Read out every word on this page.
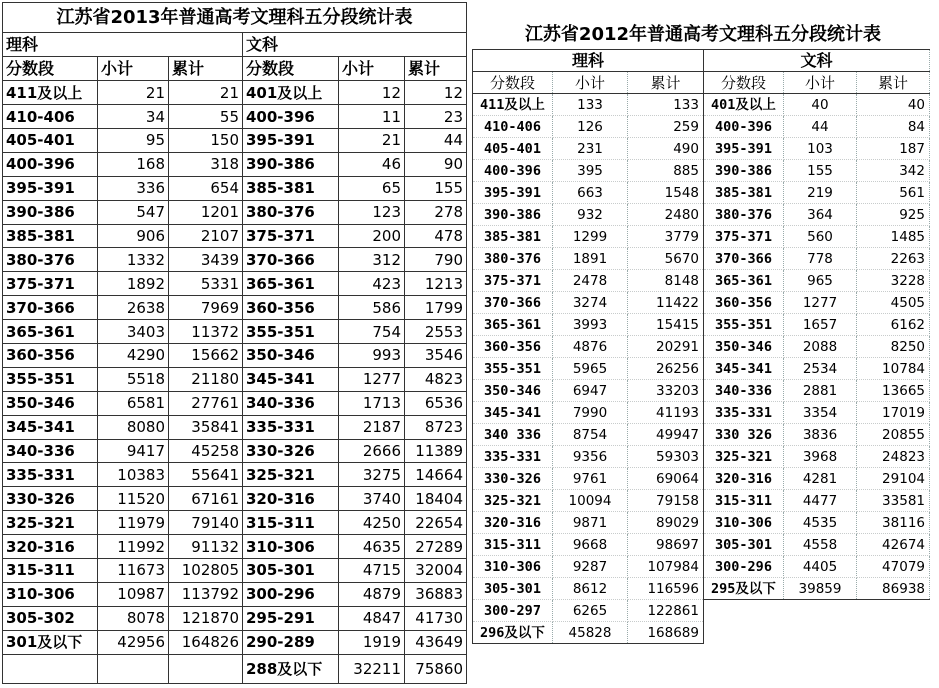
江苏省2013年普通高考文理科五分段统计表					
理科			文科		
分数段	小计	累计	分数段	小计	累计
411及以上	21	21	401及以上	12	12
410-406	34	55	400-396	11	23
405-401	95	150	395-391	21	44
400-396	168	318	390-386	46	90
395-391	336	654	385-381	65	155
390-386	547	1201	380-376	123	278
385-381	906	2107	375-371	200	478
380-376	1332	3439	370-366	312	790
375-371	1892	5331	365-361	423	1213
370-366	2638	7969	360-356	586	1799
365-361	3403	11372	355-351	754	2553
360-356	4290	15662	350-346	993	3546
355-351	5518	21180	345-341	1277	4823
350-346	6581	27761	340-336	1713	6536
345-341	8080	35841	335-331	2187	8723
340-336	9417	45258	330-326	2666	11389
335-331	10383	55641	325-321	3275	14664
330-326	11520	67161	320-316	3740	18404
325-321	11979	79140	315-311	4250	22654
320-316	11992	91132	310-306	4635	27289
315-311	11673	102805	305-301	4715	32004
310-306	10987	113792	300-296	4879	36883
305-302	8078	121870	295-291	4847	41730
301及以下	42956	164826	290-289	1919	43649
			288及以下	32211	75860
江苏省2012年普通高考文理科五分段统计表
理科			文科		
分数段	小计	累计	分数段	小计	累计
411及以上	133	133	401及以上	40	40
410-406	126	259	400-396	44	84
405-401	231	490	395-391	103	187
400-396	395	885	390-386	155	342
395-391	663	1548	385-381	219	561
390-386	932	2480	380-376	364	925
385-381	1299	3779	375-371	560	1485
380-376	1891	5670	370-366	778	2263
375-371	2478	8148	365-361	965	3228
370-366	3274	11422	360-356	1277	4505
365-361	3993	15415	355-351	1657	6162
360-356	4876	20291	350-346	2088	8250
355-351	5965	26256	345-341	2534	10784
350-346	6947	33203	340-336	2881	13665
345-341	7990	41193	335-331	3354	17019
340 336	8754	49947	330 326	3836	20855
335-331	9356	59303	325-321	3968	24823
330-326	9761	69064	320-316	4281	29104
325-321	10094	79158	315-311	4477	33581
320-316	9871	89029	310-306	4535	38116
315-311	9668	98697	305-301	4558	42674
310-306	9287	107984	300-296	4405	47079
305-301	8612	116596	295及以下	39859	86938
300-297	6265	122861			
296及以下	45828	168689			
